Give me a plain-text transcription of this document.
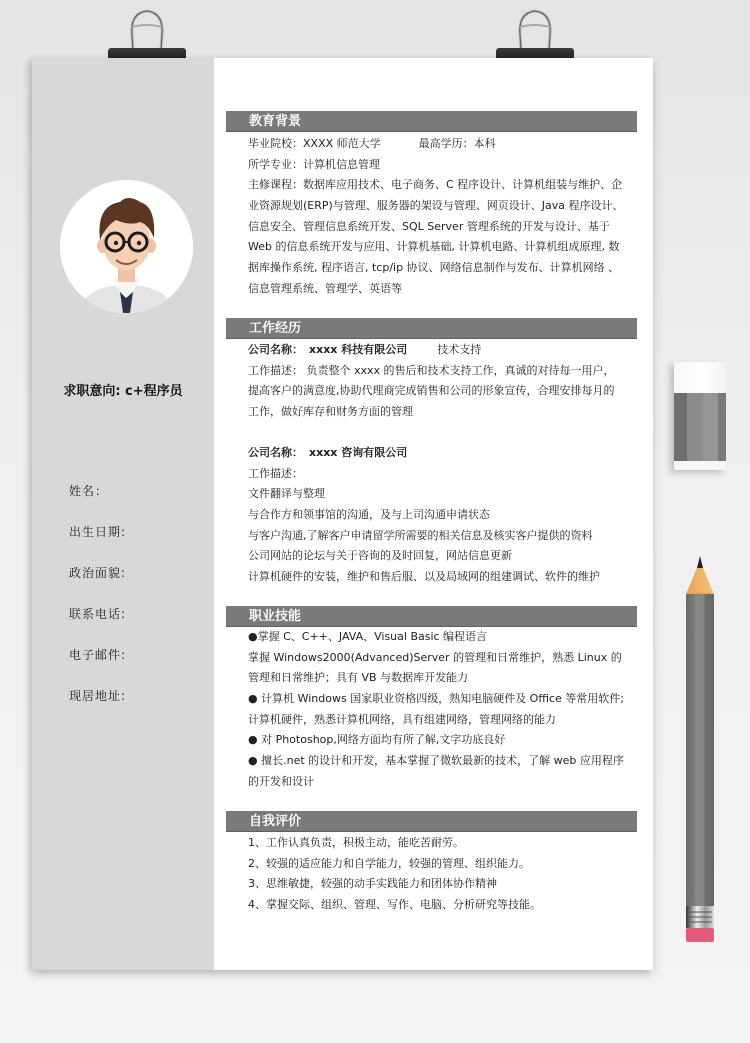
求职意向: c+程序员
姓名：
出生日期:
政治面貌:
联系电话:
电子邮件:
现居地址:
教育背景
毕业院校：XXXX 师范大学	最高学历：本科
所学专业：计算机信息管理
主修课程：数据库应用技术、电子商务、C 程序设计、计算机组装与维护、企
业资源规划(ERP)与管理、服务器的架设与管理、网页设计、Java 程序设计、
信息安全、管理信息系统开发、SQL Server 管理系统的开发与设计、基于
Web 的信息系统开发与应用、计算机基础, 计算机电路、计算机组成原理, 数
据库操作系统, 程序语言, tcp/ip 协议、网络信息制作与发布、计算机网络 、
信息管理系统、管理学、英语等
工作经历
公司名称： xxxx 科技有限公司	技术支持
工作描述： 负责整个 xxxx 的售后和技术支持工作，真诚的对待每一用户，
提高客户的满意度,协助代理商完成销售和公司的形象宣传，合理安排每月的
工作，做好库存和财务方面的管理
公司名称： xxxx 咨询有限公司
工作描述：
文件翻译与整理
与合作方和领事馆的沟通，及与上司沟通申请状态
与客户沟通,了解客户申请留学所需要的相关信息及核实客户提供的资料
公司网站的论坛与关于咨询的及时回复，网站信息更新
计算机硬件的安装，维护和售后服、以及局域网的组建调试、软件的维护
职业技能
●掌握 C、C++、JAVA、Visual Basic 编程语言
掌握 Windows2000(Advanced)Server 的管理和日常维护，熟悉 Linux 的
管理和日常维护；具有 VB 与数据库开发能力
● 计算机 Windows 国家职业资格四级，熟知电脑硬件及 Office 等常用软件;
计算机硬件，熟悉计算机网络，具有组建网络，管理网络的能力
● 对 Photoshop,网络方面均有所了解,文字功底良好
● 擅长.net 的设计和开发，基本掌握了微软最新的技术，了解 web 应用程序
的开发和设计
自我评价
1、工作认真负责，积极主动，能吃苦耐劳。
2、较强的适应能力和自学能力，较强的管理、组织能力。
3、思维敏捷，较强的动手实践能力和团体协作精神
4、掌握交际、组织、管理、写作、电脑、分析研究等技能。
